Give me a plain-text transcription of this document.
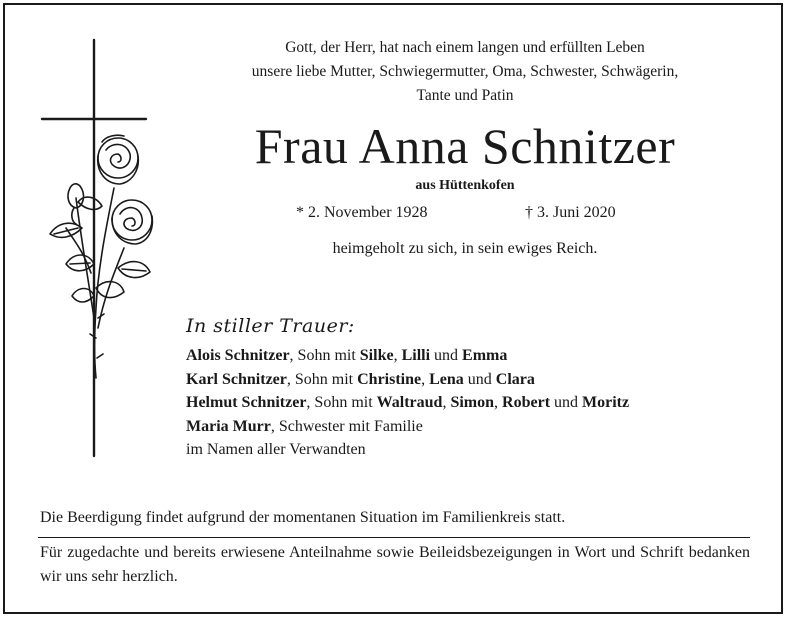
Gott, der Herr, hat nach einem langen und erfüllten Leben
unsere liebe Mutter, Schwiegermutter, Oma, Schwester, Schwägerin,
Tante und Patin
Frau Anna Schnitzer
aus Hüttenkofen
* 2. November 1928	† 3. Juni 2020
heimgeholt zu sich, in sein ewiges Reich.
In stiller Trauer:
Alois Schnitzer, Sohn mit Silke, Lilli und Emma
Karl Schnitzer, Sohn mit Christine, Lena und Clara
Helmut Schnitzer, Sohn mit Waltraud, Simon, Robert und Moritz
Maria Murr, Schwester mit Familie
im Namen aller Verwandten
Die Beerdigung findet aufgrund der momentanen Situation im Familienkreis statt.
Für zugedachte und bereits erwiesene Anteilnahme sowie Beileidsbezeigungen in Wort und Schrift bedanken wir uns sehr herzlich.
